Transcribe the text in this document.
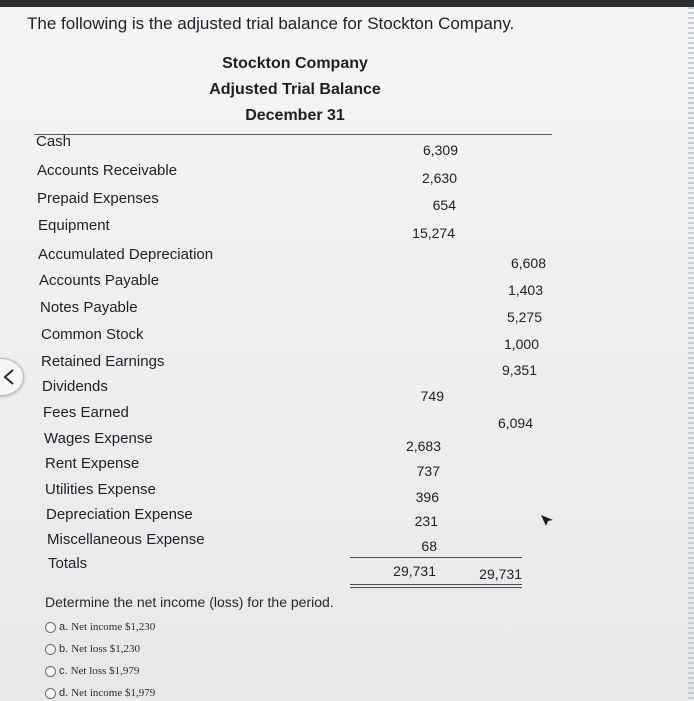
The following is the adjusted trial balance for Stockton Company.
Stockton Company
Adjusted Trial Balance
December 31
Cash
Accounts Receivable
Prepaid Expenses
Equipment
Accumulated Depreciation
Accounts Payable
Notes Payable
Common Stock
Retained Earnings
Dividends
Fees Earned
Wages Expense
Rent Expense
Utilities Expense
Depreciation Expense
Miscellaneous Expense
Totals
6,309
2,630
654
15,274
749
2,683
737
396
231
68
29,731
6,608
1,403
5,275
1,000
9,351
6,094
29,731
Determine the net income (loss) for the period.
a. Net income $1,230
b. Net loss $1,230
c. Net loss $1,979
d. Net income $1,979
